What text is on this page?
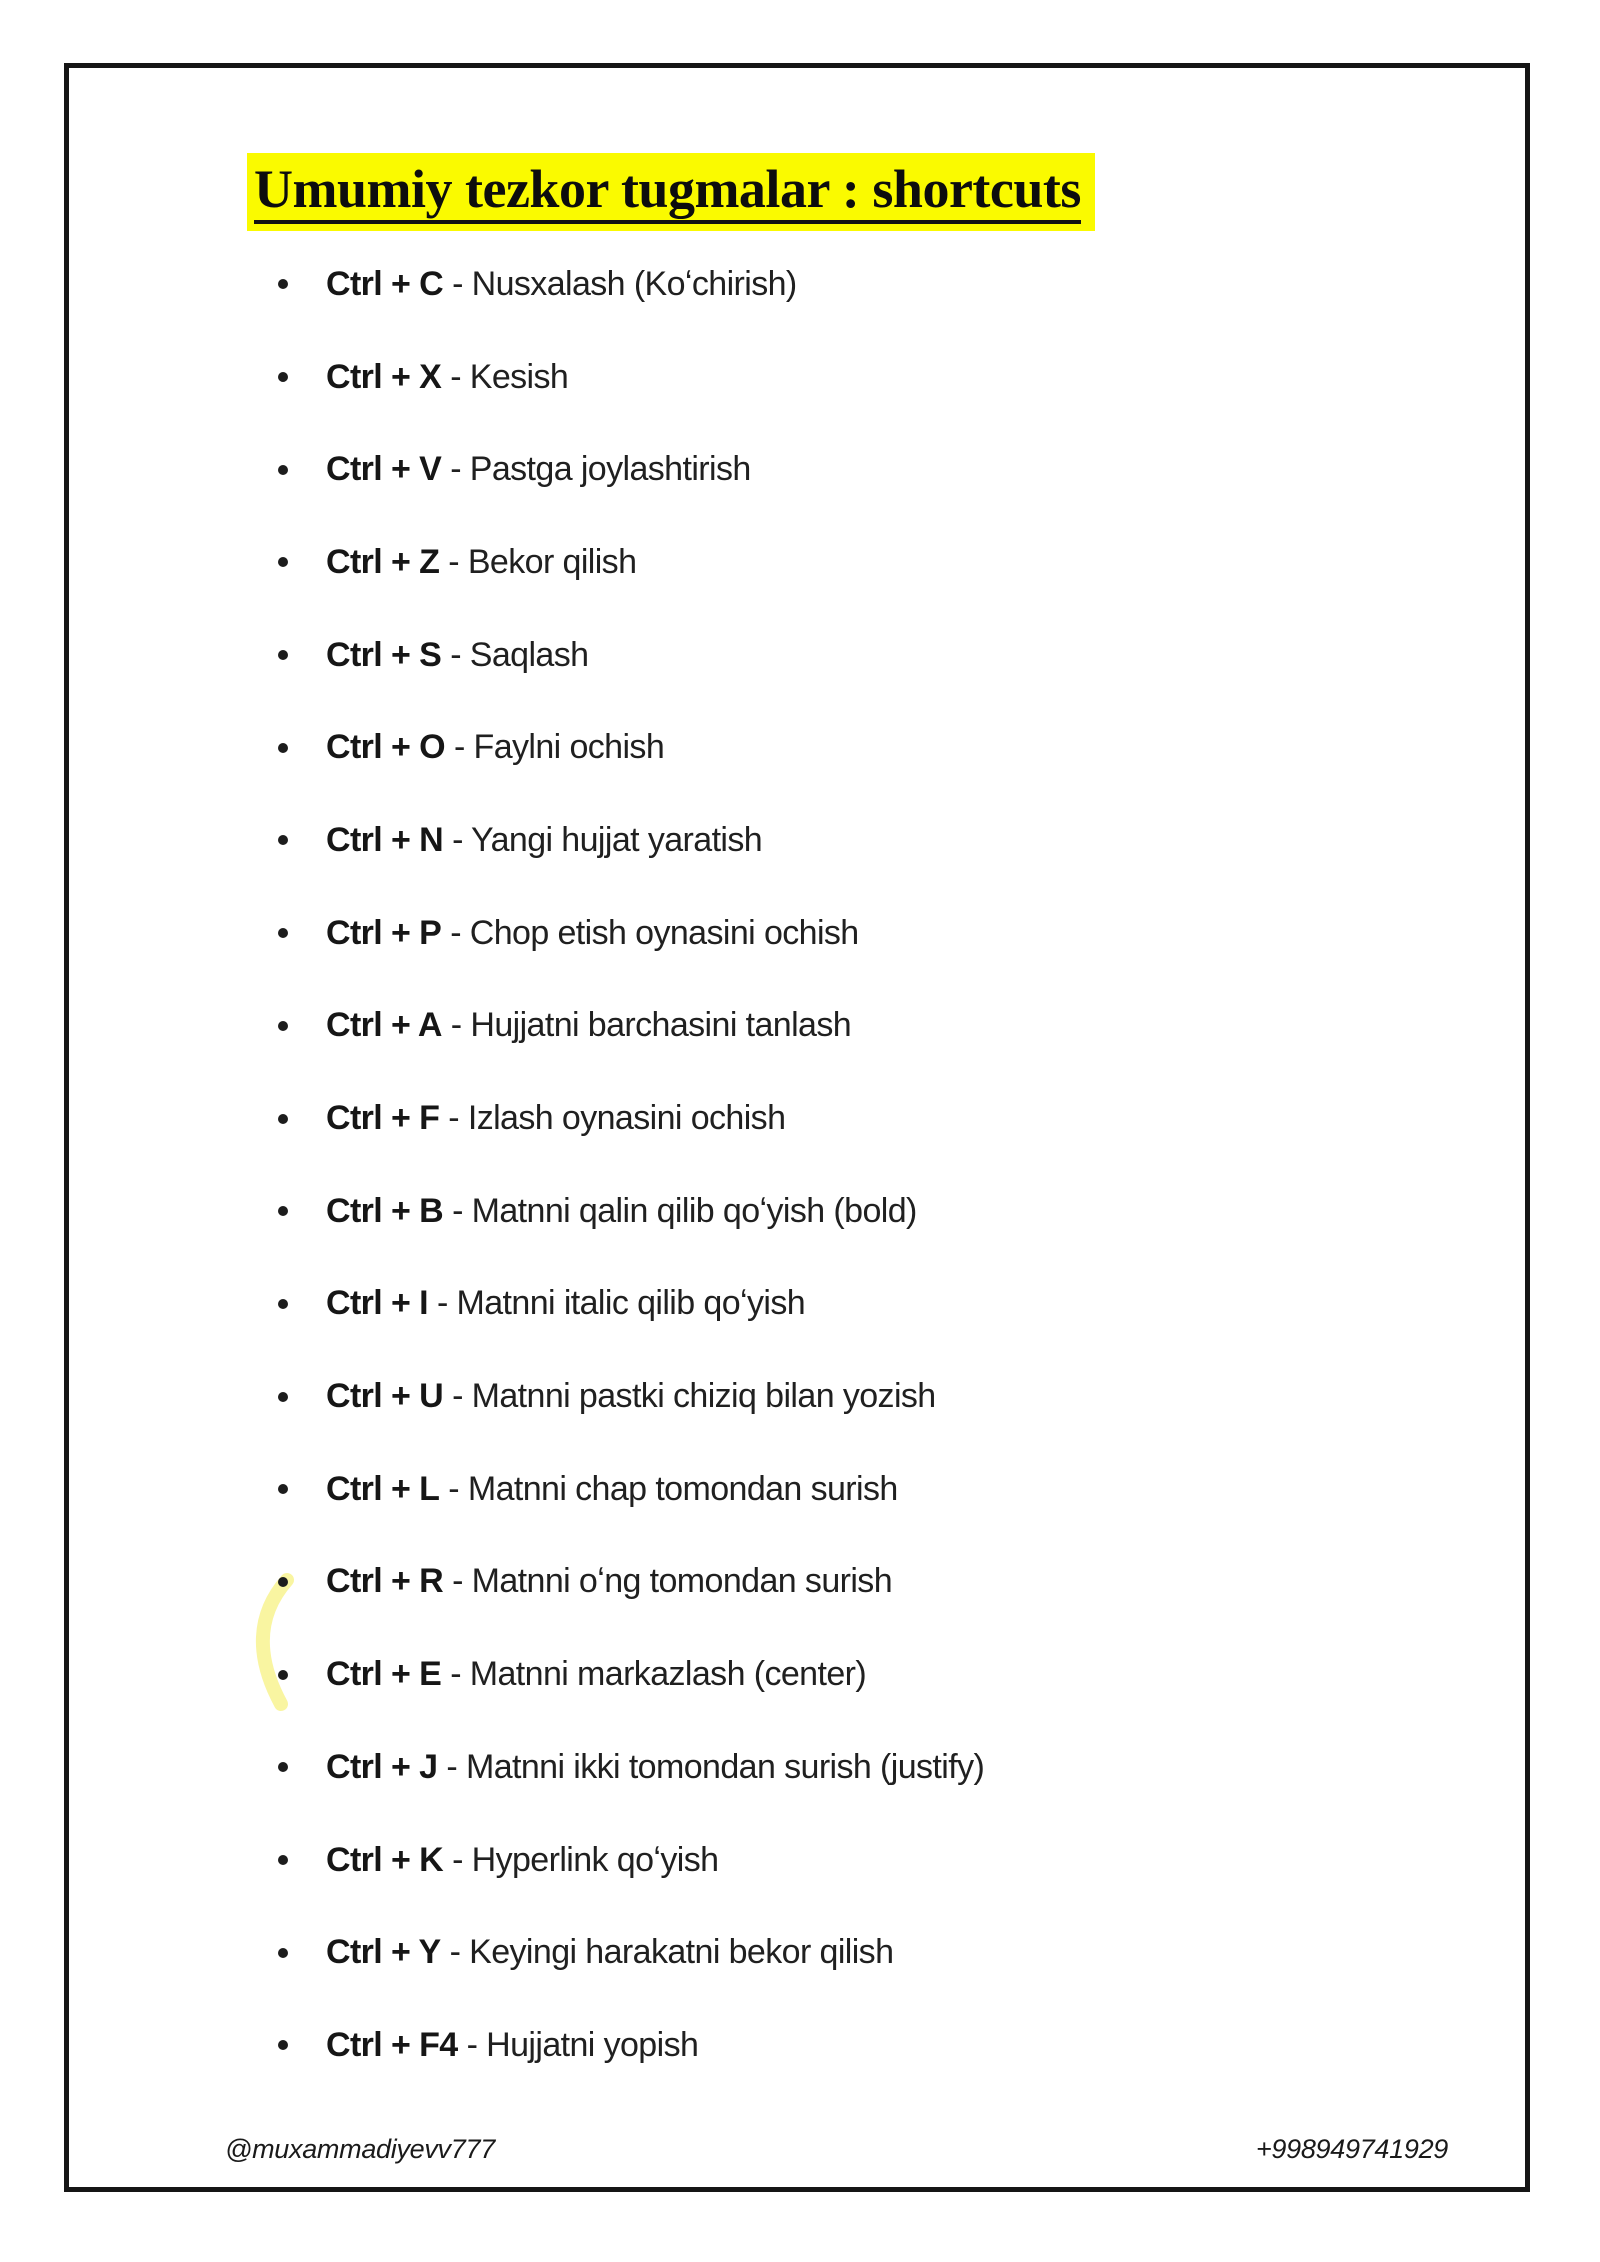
Umumiy tezkor tugmalar : shortcuts
Ctrl + C - Nusxalash (Koʻchirish)
Ctrl + X - Kesish
Ctrl + V - Pastga joylashtirish
Ctrl + Z - Bekor qilish
Ctrl + S - Saqlash
Ctrl + O - Faylni ochish
Ctrl + N - Yangi hujjat yaratish
Ctrl + P - Chop etish oynasini ochish
Ctrl + A - Hujjatni barchasini tanlash
Ctrl + F - Izlash oynasini ochish
Ctrl + B - Matnni qalin qilib qoʻyish (bold)
Ctrl + I - Matnni italic qilib qoʻyish
Ctrl + U - Matnni pastki chiziq bilan yozish
Ctrl + L - Matnni chap tomondan surish
Ctrl + R - Matnni oʻng tomondan surish
Ctrl + E - Matnni markazlash (center)
Ctrl + J - Matnni ikki tomondan surish (justify)
Ctrl + K - Hyperlink qoʻyish
Ctrl + Y - Keyingi harakatni bekor qilish
Ctrl + F4 - Hujjatni yopish
@muxammadiyevv777	+998949741929
